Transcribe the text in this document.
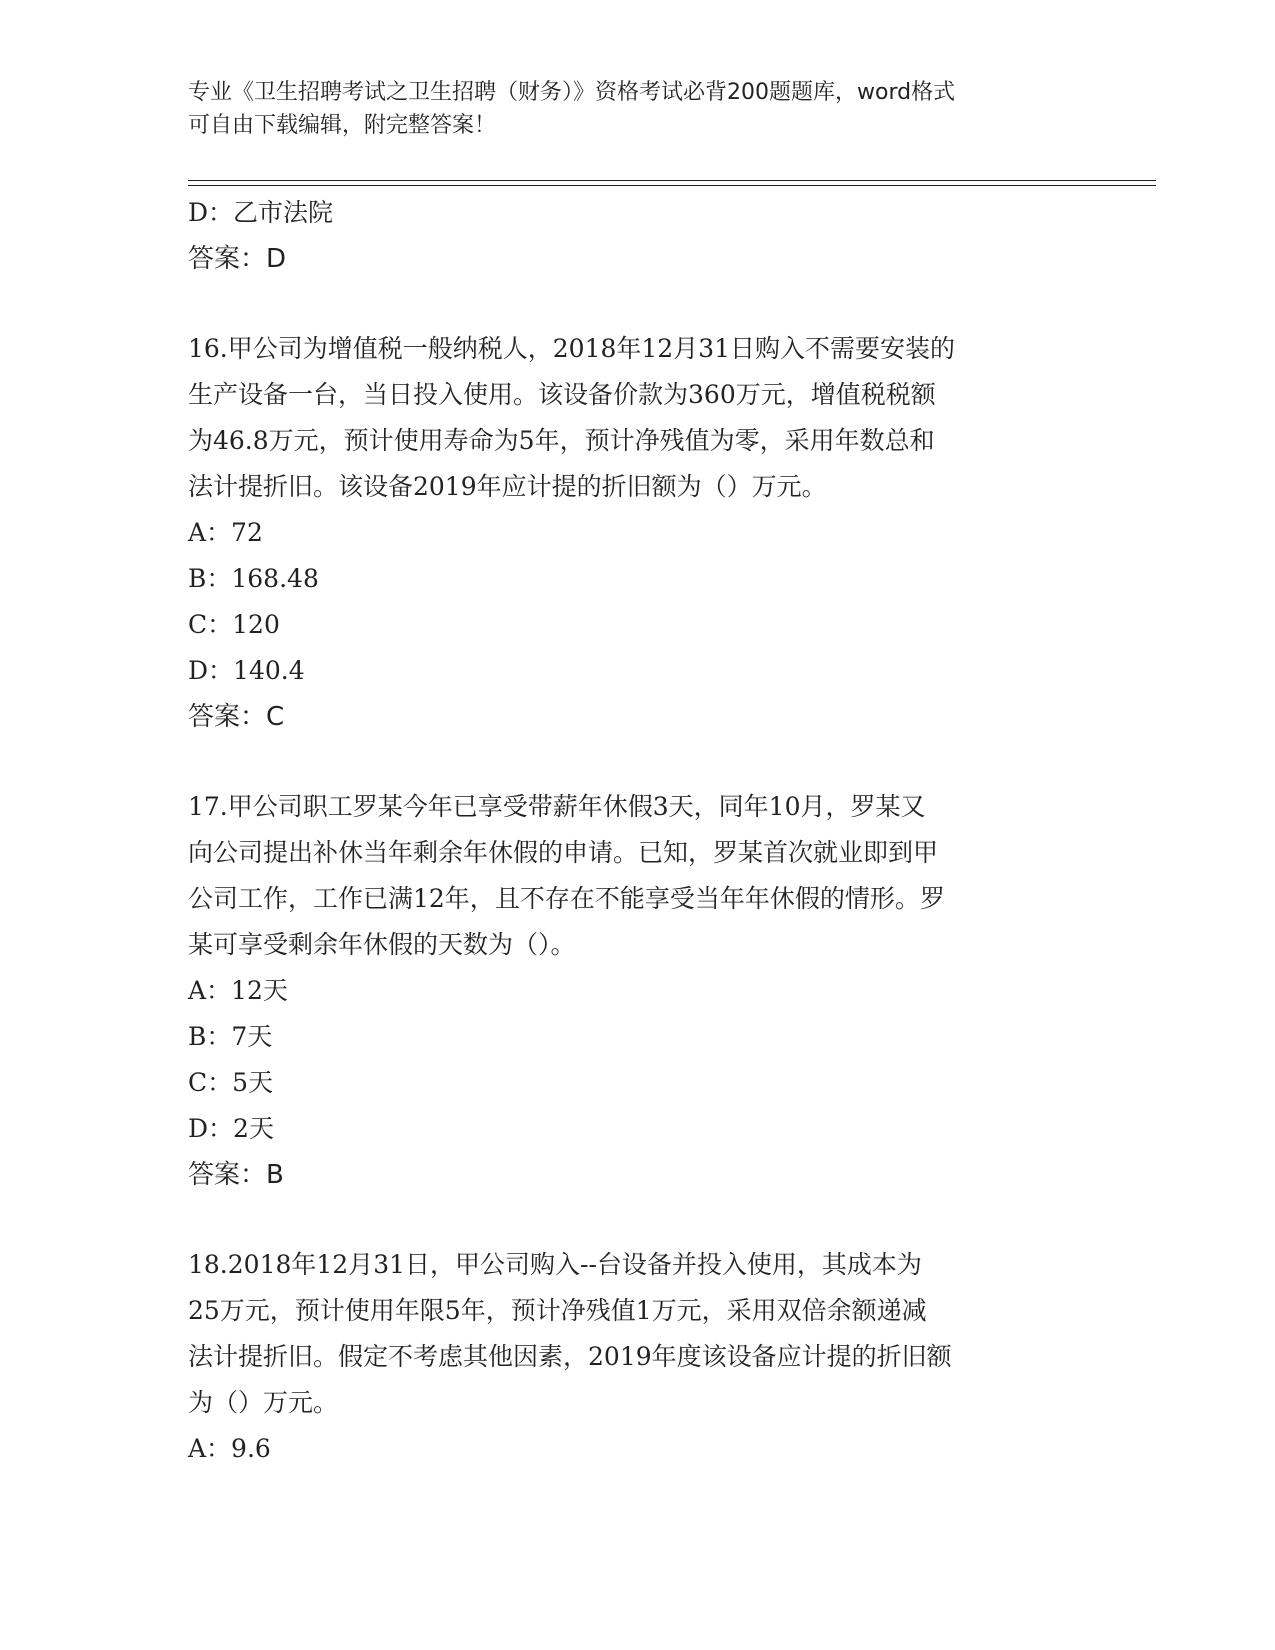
专业《卫生招聘考试之卫生招聘（财务）》资格考试必背200题题库，word格式
可自由下载编辑，附完整答案！
D：乙市法院
答案：D
16.甲公司为增值税一般纳税人，2018年12月31日购入不需要安装的
生产设备一台，当日投入使用。该设备价款为360万元，增值税税额
为46.8万元，预计使用寿命为5年，预计净残值为零，采用年数总和
法计提折旧。该设备2019年应计提的折旧额为（）万元。
A：72
B：168.48
C：120
D：140.4
答案：C
17.甲公司职工罗某今年已享受带薪年休假3天，同年10月，罗某又
向公司提出补休当年剩余年休假的申请。已知，罗某首次就业即到甲
公司工作，工作已满12年，且不存在不能享受当年年休假的情形。罗
某可享受剩余年休假的天数为（）。
A：12天
B：7天
C：5天
D：2天
答案：B
18.2018年12月31日，甲公司购入--台设备并投入使用，其成本为
25万元，预计使用年限5年，预计净残值1万元，采用双倍余额递减
法计提折旧。假定不考虑其他因素，2019年度该设备应计提的折旧额
为（）万元。
A：9.6
